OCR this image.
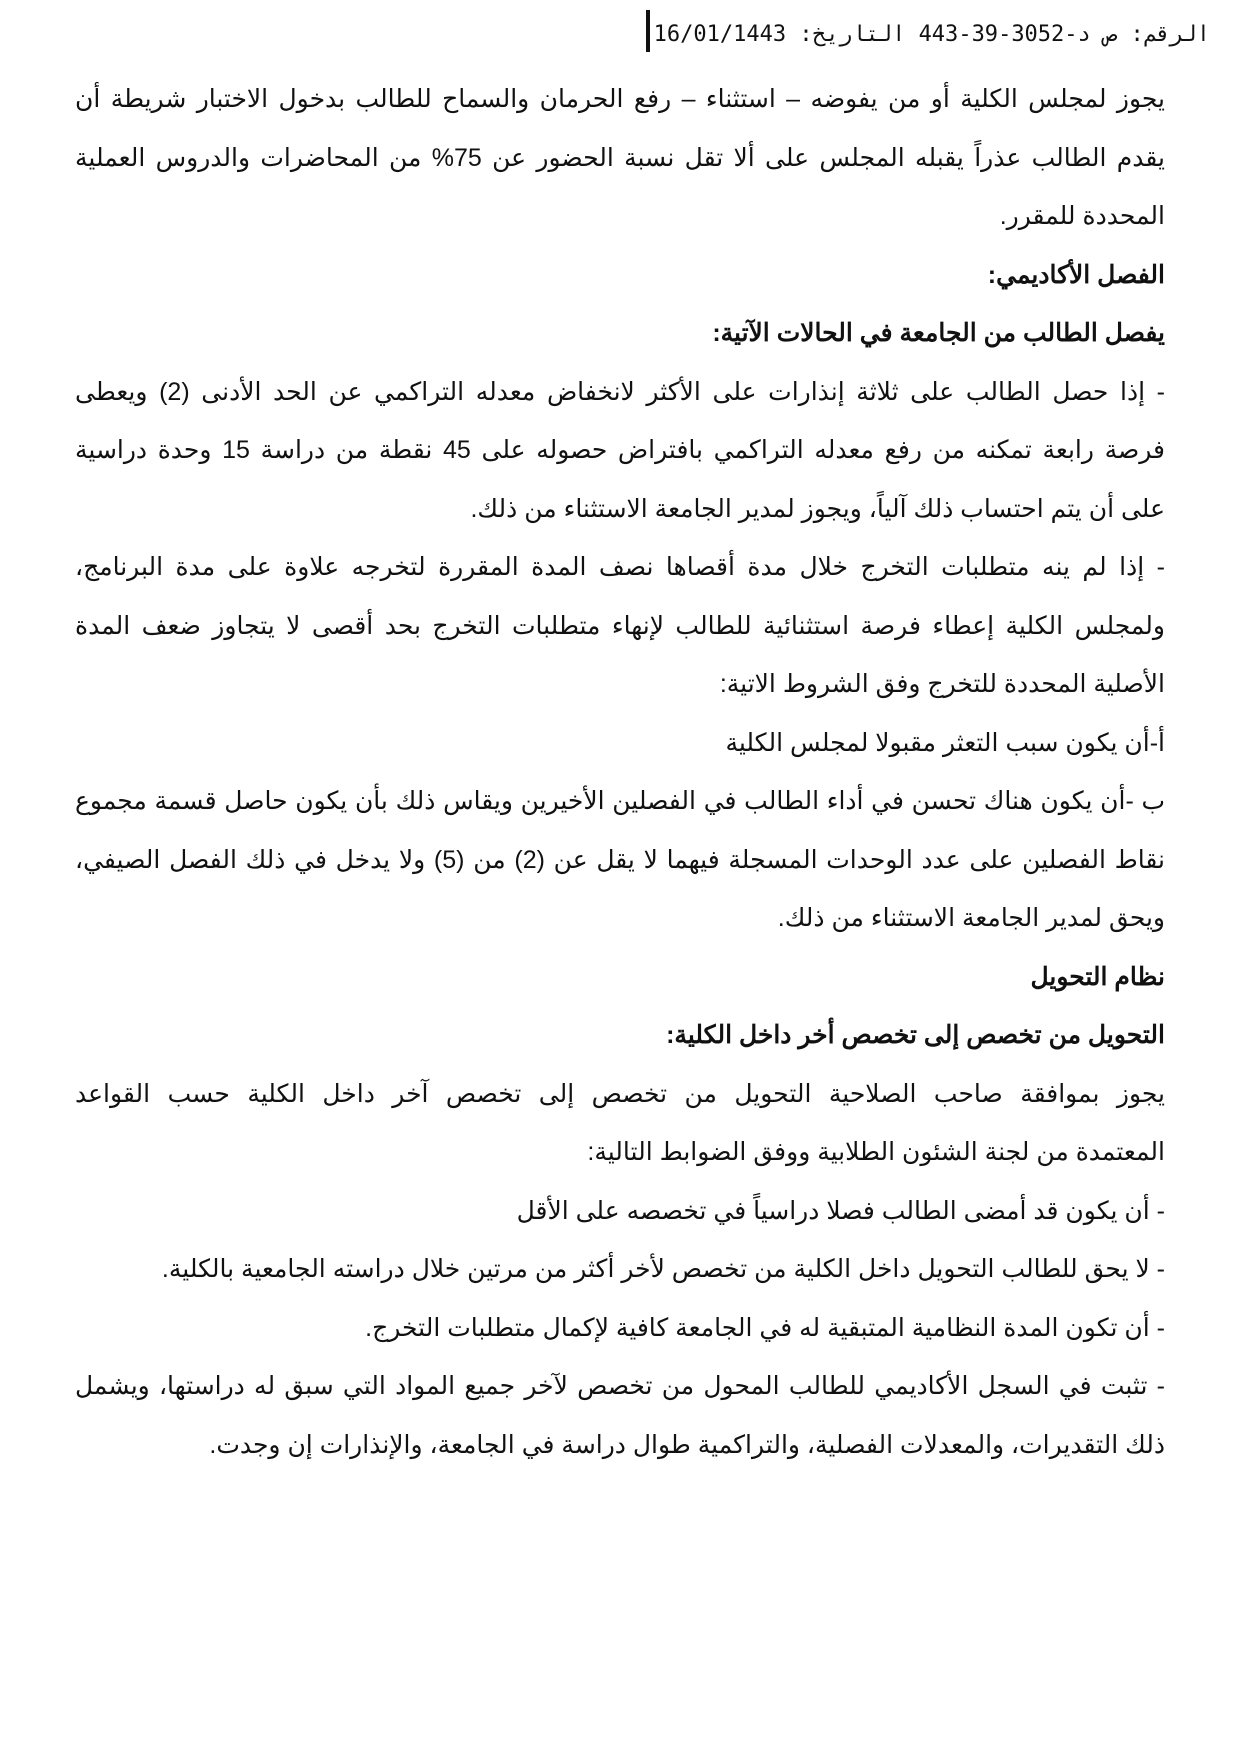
الرقم: ص د-3052-39-443 التاريخ: 16/01/1443
يجوز لمجلس الكلية أو من يفوضه – استثناء – رفع الحرمان والسماح للطالب بدخول الاختبار شريطة أن
يقدم الطالب عذراً يقبله المجلس على ألا تقل نسبة الحضور عن 75% من المحاضرات والدروس العملية
المحددة للمقرر.
الفصل الأكاديمي:
يفصل الطالب من الجامعة في الحالات الآتية:
- إذا حصل الطالب على ثلاثة إنذارات على الأكثر لانخفاض معدله التراكمي عن الحد الأدنى (2) ويعطى
فرصة رابعة تمكنه من رفع معدله التراكمي بافتراض حصوله على 45 نقطة من دراسة 15 وحدة دراسية
على أن يتم احتساب ذلك آلياً، ويجوز لمدير الجامعة الاستثناء من ذلك.
- إذا لم ينه متطلبات التخرج خلال مدة أقصاها نصف المدة المقررة لتخرجه علاوة على مدة البرنامج،
ولمجلس الكلية إعطاء فرصة استثنائية للطالب لإنهاء متطلبات التخرج بحد أقصى لا يتجاوز ضعف المدة
الأصلية المحددة للتخرج وفق الشروط الاتية:
أ-أن يكون سبب التعثر مقبولا لمجلس الكلية
ب -أن يكون هناك تحسن في أداء الطالب في الفصلين الأخيرين ويقاس ذلك بأن يكون حاصل قسمة مجموع
نقاط الفصلين على عدد الوحدات المسجلة فيهما لا يقل عن (2) من (5) ولا يدخل في ذلك الفصل الصيفي،
ويحق لمدير الجامعة الاستثناء من ذلك.
نظام التحويل
التحويل من تخصص إلى تخصص أخر داخل الكلية:
يجوز بموافقة صاحب الصلاحية التحويل من تخصص إلى تخصص آخر داخل الكلية حسب القواعد
المعتمدة من لجنة الشئون الطلابية ووفق الضوابط التالية:
- أن يكون قد أمضى الطالب فصلا دراسياً في تخصصه على الأقل
- لا يحق للطالب التحويل داخل الكلية من تخصص لأخر أكثر من مرتين خلال دراسته الجامعية بالكلية.
- أن تكون المدة النظامية المتبقية له في الجامعة كافية لإكمال متطلبات التخرج.
- تثبت في السجل الأكاديمي للطالب المحول من تخصص لآخر جميع المواد التي سبق له دراستها، ويشمل
ذلك التقديرات، والمعدلات الفصلية، والتراكمية طوال دراسة في الجامعة، والإنذارات إن وجدت.
